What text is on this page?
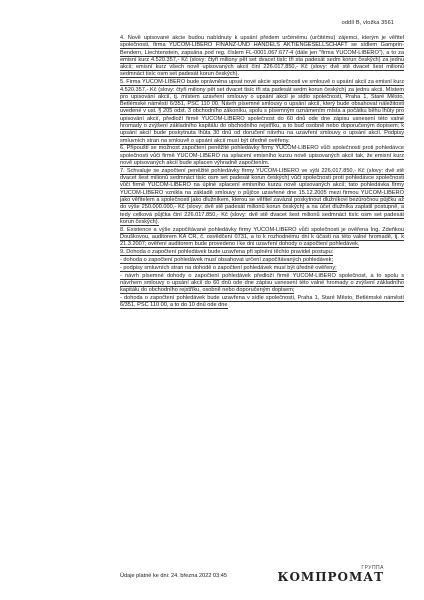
oddíl B, vložka 3561

4. Nově upisované akcie budou nabídnuty k upsání předem určenému (určitému) zájemci, kterým je věřitel společnosti, firma YUCOM-LIBERO FINANZ-UND HANDELS AKTIENGESELLSCHAFT se sídlem Gamprin-Bendern, Liechtenstein, zapsána pod reg. číslem FL-0001.067.677-4 (dále jen "firma YUCOM-LIBERO"), a to za emisní kurz 4.520.357,- Kč (slovy: čtyři miliony pět set dvacet tisíc tři sta padesát sedm korun českých) za jednu akcii; emisní kurz všech nově upisovaných akcií činí 226.017.850,- Kč (slovy: dvě stě dvacet šest milionů sedmnáct tisíc osm set padesát korun českých).

5. Firma YUCOM-LIBERO bude oprávněna upsat nové akcie společnosti ve smlouvě o upsání akcií za emisní kurz 4.520.357,- Kč (slovy: čtyři miliony pět set dvacet tisíc tři sta padesát sedm korun českých) za jednu akcii. Místem pro upisování akcií, tj. místem uzavření smlouvy o upsání akcií je sídlo společnosti, Praha 1, Staré Město, Betlémské náměstí 6/351, PSČ 110 00. Návrh písemné smlouvy o upsání akcií, který bude obsahovat náležitosti uvedené v ust. § 205 odst. 3 obchodního zákoníku, spolu s písemným oznámením místa a počátku běhu lhůty pro upisování akcií, předloží firmě YUCOM-LIBERO společnost do 60 dnů ode dne zápisu usnesení této valné hromady o zvýšení základního kapitálu do obchodního rejstříku, a to buď osobně nebo doporučeným dopisem; k upsání akcií bude poskytnuta lhůta 30 dnů od doručení návrhu na uzavření smlouvy o upsání akcií. Podpisy smluvních stran na smlouvě o upsání akcií musí být úředně ověřeny.

6. Připouští se možnost započtení peněžité pohledávky firmy YUCOM-LIBERO vůči společnosti proti pohledávce společnosti vůči firmě YUCOM-LIBERO na splacení emisního kurzu nově upisovaných akcií tak, že emisní kurz nově upisovaných akcií bude splacen výhradně započtením.

7. Schvaluje se započtení peněžité pohledávky firmy YUCOM-LIBERO ve výši 226.017.850,- Kč (slovy: dvě stě dvacet šest milionů sedmnáct tisíc osm set padesát korun českých) vůči společnosti proti pohledávce společnosti vůči firmě YUCOM-LIBERO na úplné splacení emisního kurzu nově upisovaných akcií; tato pohledávka firmy YUCOM-LIBERO vznikla na základě smlouvy o půjčce uzavřené dne 15.12.2005 mezi firmou YUCOM-LIBERO jako věřitelem a společností jako dlužníkem, kterou se věřitel zavázal poskytnout dlužníkovi bezúročnou půjčku až do výše 250.000.000,- Kč (slovy: dvě stě padesát milionů korun českých) a na účet dlužníka zaplatil postupně, a tedy celková půjčka činí 226.017.850,- Kč (slovy: dvě stě dvacet šest milionů sedmnáct tisíc osm set padesát korun českých).

8. Existence a výše započítávané pohledávky firmy YUCOM-LIBERO vůči společnosti je ověřena Ing. Zdeňkou Douškovou, auditorem KA ČR, č. osvědčení 0731, a to k rozhodnému dni k účasti na této valné hromadě, tj. k 21.3.2007; ověření auditorem bude provedeno i ke dni uzavření dohody o započtení pohledávek.

9. Dohoda o započtení pohledávek bude uzavřena při splnění těchto pravidel postupu:

- dohoda o započtení pohledávek musí obsahovat určení započítávaných pohledávek;

- podpisy smluvních stran na dohodě o započtení pohledávek musí být úředně ověřeny;

- návrh písemné dohody o započtení pohledávek předloží firmě YUCOM-LIBERO společnost, a to spolu s návrhem smlouvy o upsání akcií do 60 dnů ode dne zápisu usnesení této valné hromady o zvýšení základního kapitálu do obchodního rejstříku, osobně nebo doporučeným dopisem;

- dohoda o započtení pohledávek bude uzavřena v sídle společnosti, Praha 1, Staré Město, Betlémské náměstí 6/351, PSČ 110 00, a to do 10 dnů ode dne

Údaje platné ke dni: 24. března 2022 03:45
ГРУППА
КОМПРОМАТ
